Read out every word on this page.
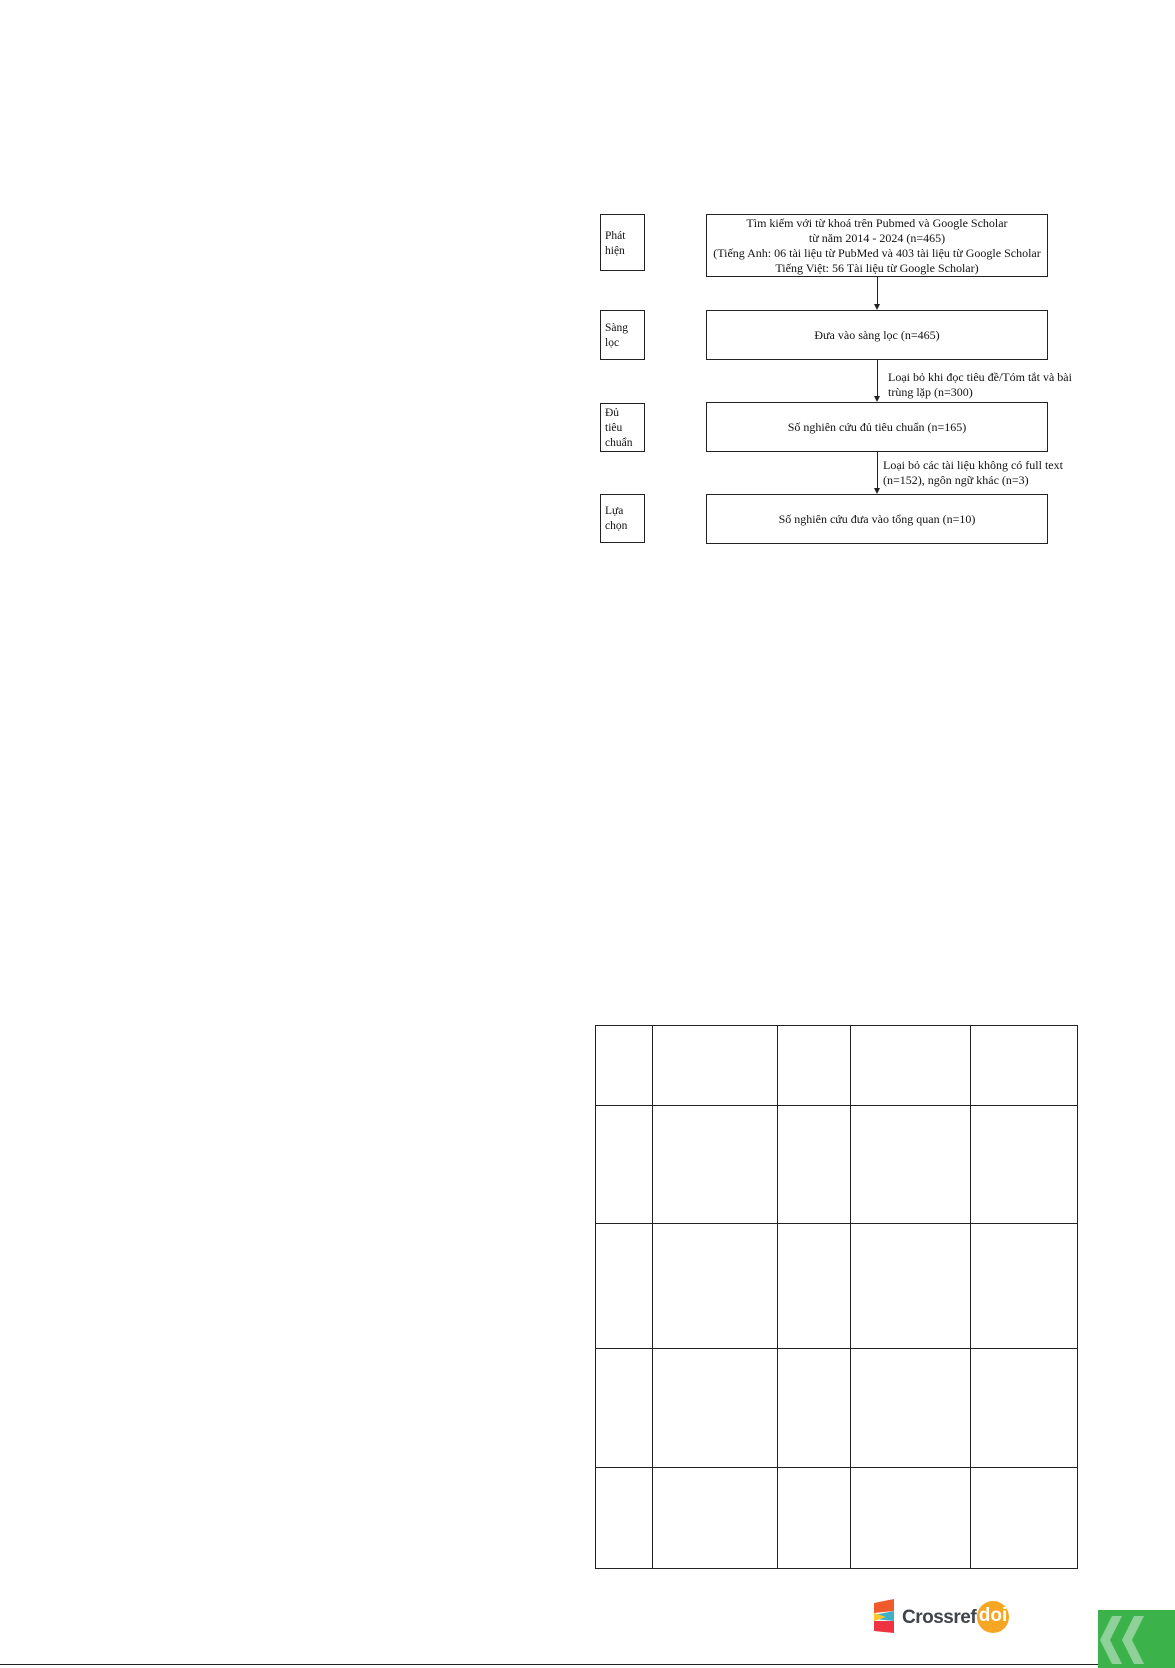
Phát
hiện
Sàng
lọc
Đủ
tiêu
chuẩn
Lựa
chọn
Tìm kiếm với từ khoá trên Pubmed và Google Scholar
từ năm 2014 - 2024 (n=465)
(Tiếng Anh: 06 tài liệu từ PubMed và 403 tài liệu từ Google Scholar
Tiếng Việt: 56 Tài liệu từ Google Scholar)
Đưa vào sàng lọc (n=465)
Số nghiên cứu đủ tiêu chuẩn (n=165)
Số nghiên cứu đưa vào tổng quan (n=10)
Loại bỏ khi đọc tiêu đề/Tóm tắt và bài
trùng lặp (n=300)
Loại bỏ các tài liệu không có full text
(n=152), ngôn ngữ khác (n=3)

Crossref doi
